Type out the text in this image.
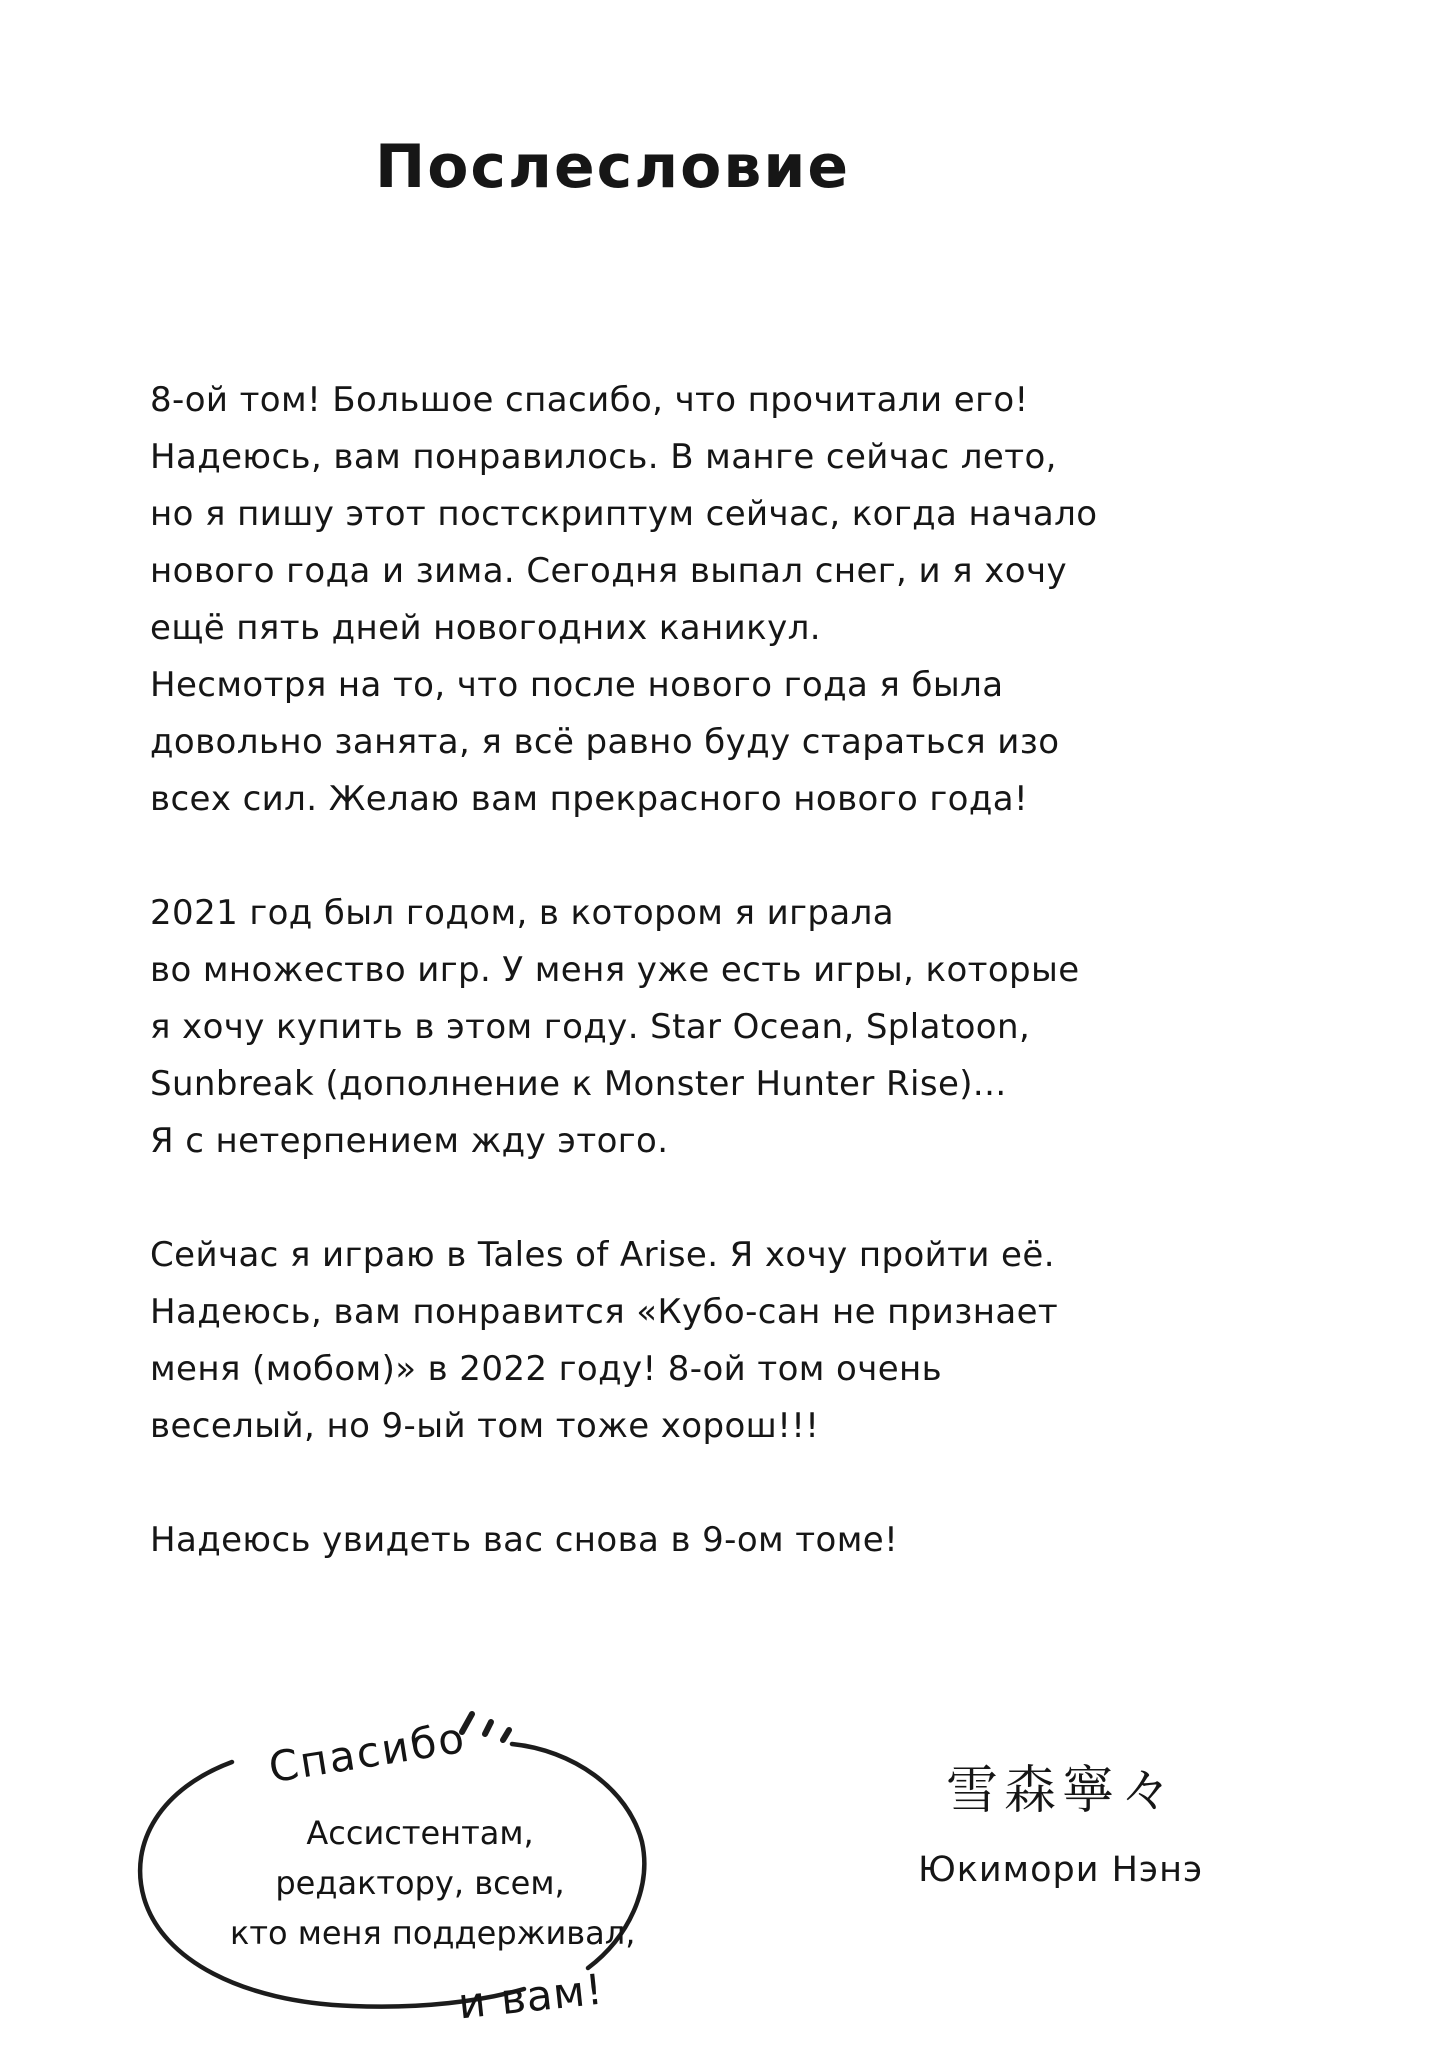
Послесловие
8-ой том! Большое спасибо, что прочитали его!
Надеюсь, вам понравилось. В манге сейчас лето,
но я пишу этот постскриптум сейчас, когда начало
нового года и зима. Сегодня выпал снег, и я хочу
ещё пять дней новогодних каникул.
Несмотря на то, что после нового года я была
довольно занята, я всё равно буду стараться изо
всех сил. Желаю вам прекрасного нового года!
2021 год был годом, в котором я играла
во множество игр. У меня уже есть игры, которые
я хочу купить в этом году. Star Ocean, Splatoon,
Sunbreak (дополнение к Monster Hunter Rise)...
Я с нетерпением жду этого.
Сейчас я играю в Tales of Arise. Я хочу пройти её.
Надеюсь, вам понравится «Кубо-сан не признает
меня (мобом)» в 2022 году! 8-ой том очень
веселый, но 9-ый том тоже хорош!!!
Надеюсь увидеть вас снова в 9-ом томе!
Спасибо
Ассистентам,
редактору, всем,
кто меня поддерживал,
и вам!
雪森寧々
Юкимори Нэнэ
